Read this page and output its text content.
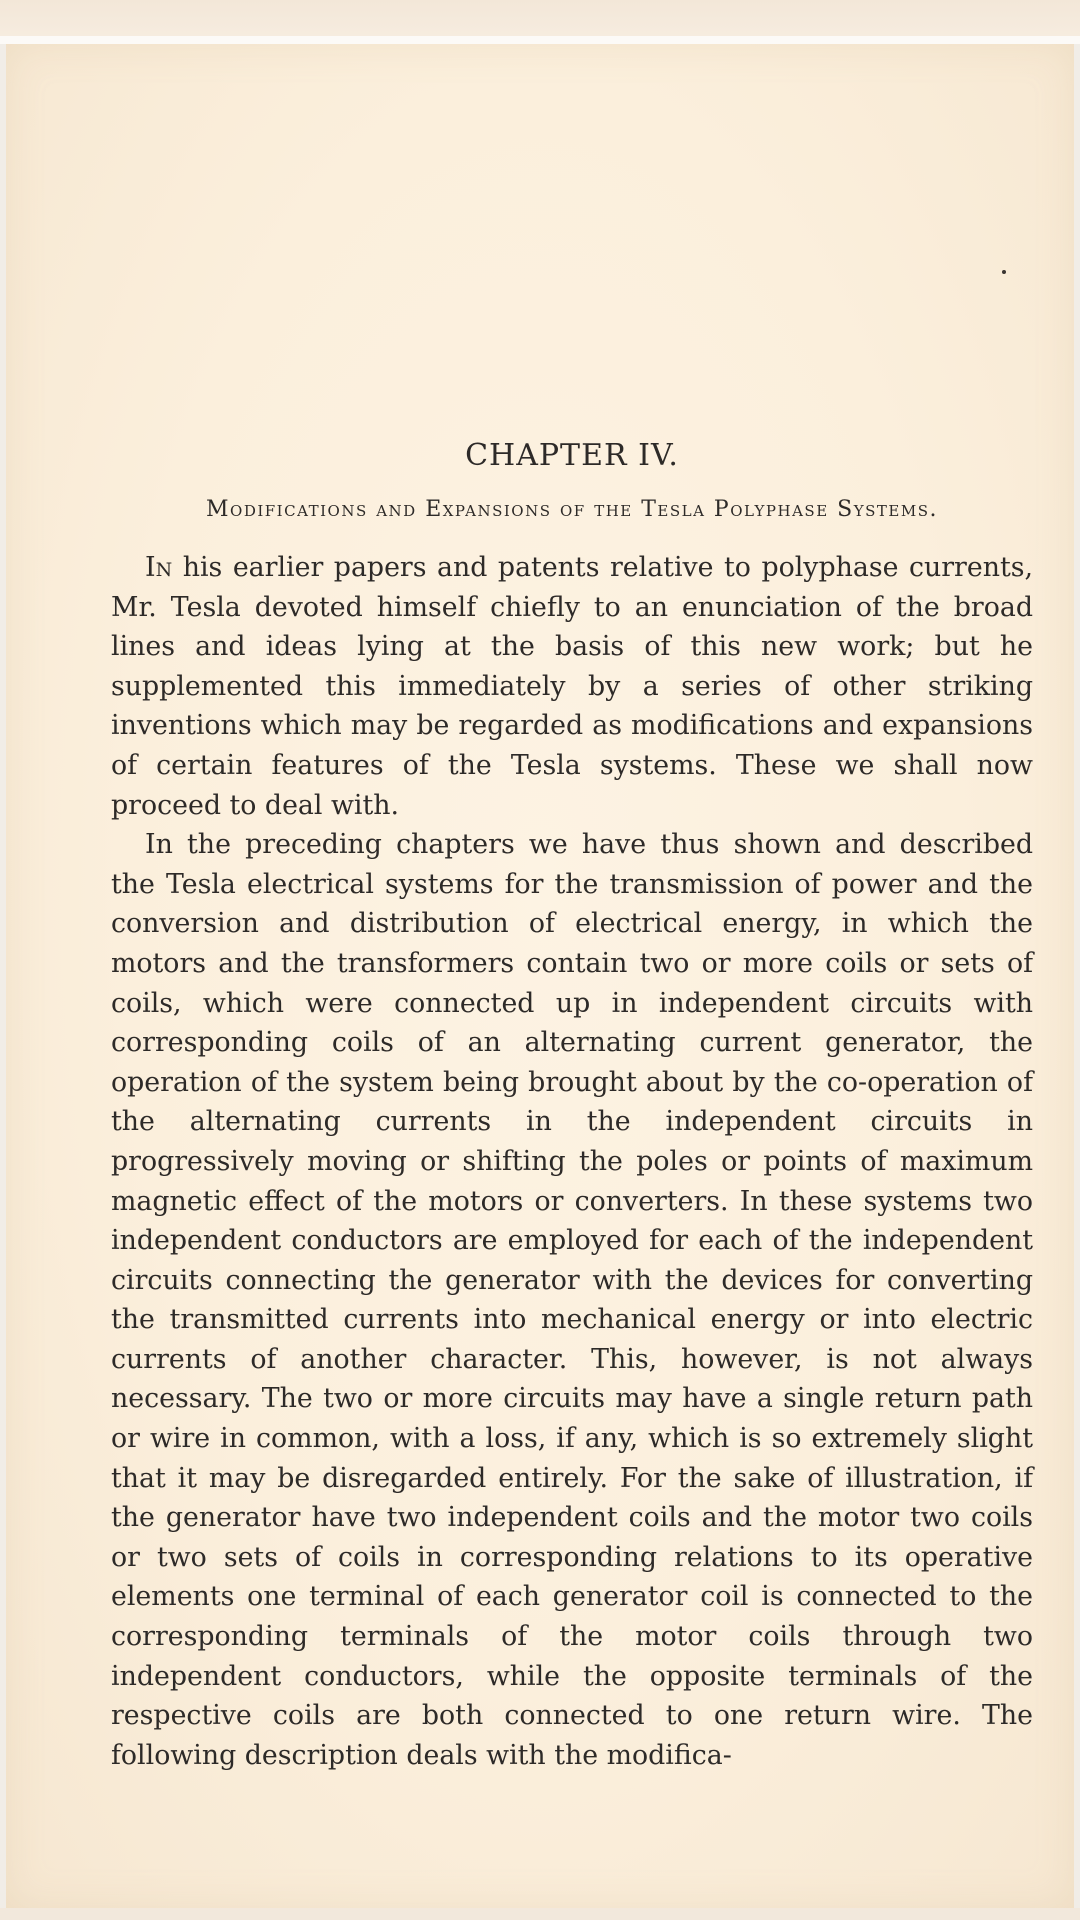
CHAPTER IV.
Modifications and Expansions of the Tesla Polyphase Systems.

In his earlier papers and patents relative to polyphase currents, Mr. Tesla devoted himself chiefly to an enunciation of the broad lines and ideas lying at the basis of this new work; but he supplemented this immediately by a series of other striking inventions which may be regarded as modifications and expansions of certain features of the Tesla systems. These we shall now proceed to deal with.

In the preceding chapters we have thus shown and described the Tesla electrical systems for the transmission of power and the conversion and distribution of electrical energy, in which the motors and the transformers contain two or more coils or sets of coils, which were connected up in independent circuits with corresponding coils of an alternating current generator, the operation of the system being brought about by the co-operation of the alternating currents in the independent circuits in progressively moving or shifting the poles or points of maximum magnetic effect of the motors or converters. In these systems two independent conductors are employed for each of the independent circuits connecting the generator with the devices for converting the transmitted currents into mechanical energy or into electric currents of another character. This, however, is not always necessary. The two or more circuits may have a single return path or wire in common, with a loss, if any, which is so extremely slight that it may be disregarded entirely. For the sake of illustration, if the generator have two independent coils and the motor two coils or two sets of coils in corresponding relations to its operative elements one terminal of each generator coil is connected to the corresponding terminals of the motor coils through two independent conductors, while the opposite terminals of the respective coils are both connected to one return wire. The following description deals with the modifica-
